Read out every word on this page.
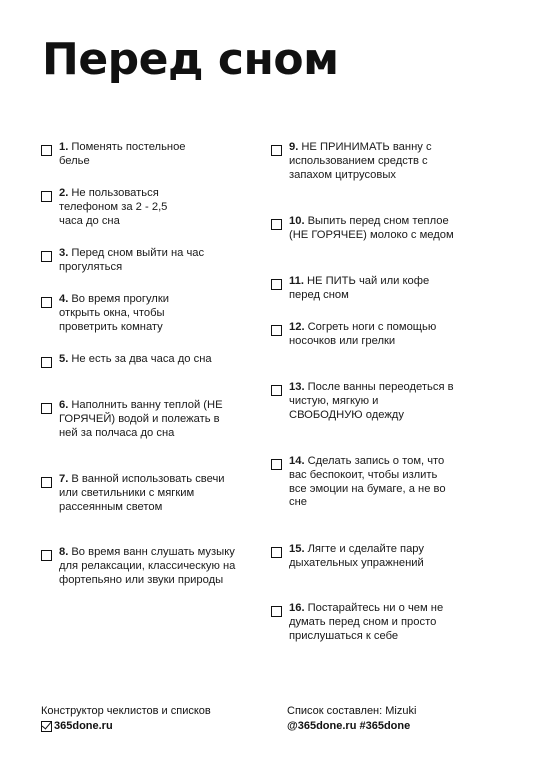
Перед сном
1. Поменять постельное белье
2. Не пользоваться телефоном за 2 - 2,5 часа до сна
3. Перед сном выйти на час прогуляться
4. Во время прогулки открыть окна, чтобы проветрить комнату
5. Не есть за два часа до сна
6. Наполнить ванну теплой (НЕ ГОРЯЧЕЙ) водой и полежать в ней за полчаса до сна
7. В ванной использовать свечи или светильники с мягким рассеянным светом
8. Во время ванн слушать музыку для релаксации, классическую на фортепьяно или звуки природы
9. НЕ ПРИНИМАТЬ ванну с использованием средств с запахом цитрусовых
10. Выпить перед сном теплое (НЕ ГОРЯЧЕЕ) молоко с медом
11. НЕ ПИТЬ чай или кофе перед сном
12. Согреть ноги с помощью носочков или грелки
13. После ванны переодеться в чистую, мягкую и СВОБОДНУЮ одежду
14. Сделать запись о том, что вас беспокоит, чтобы излить все эмоции на бумаге, а не во сне
15. Лягте и сделайте пару дыхательных упражнений
16. Постарайтесь ни о чем не думать перед сном и просто прислушаться к себе
Конструктор чеклистов и списков
365done.ru
Список составлен: Mizuki
@365done.ru #365done
